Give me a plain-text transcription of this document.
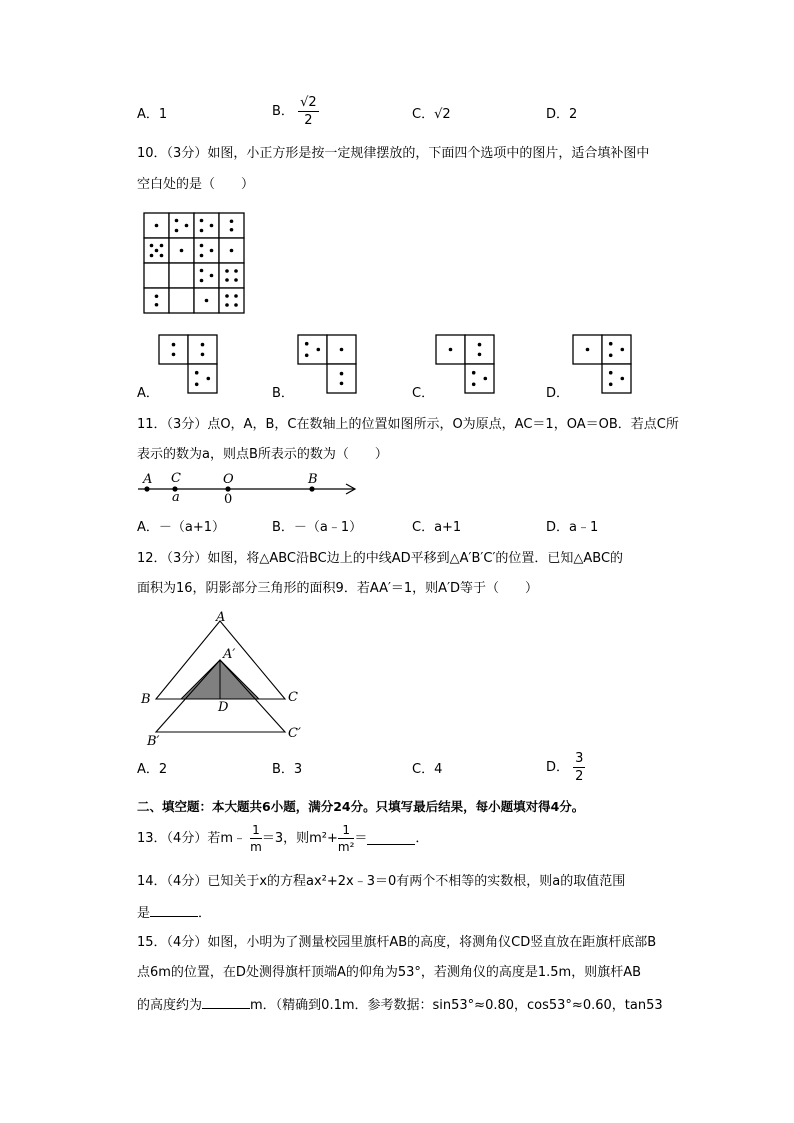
A．1	B． $\frac{√2}{2}$	C．√2	D．2
10．（3分）如图，小正方形是按一定规律摆放的，下面四个选项中的图片，适合填补图中
空白处的是（　　）
A．	B．	C．	D．
11．（3分）点O，A，B，C在数轴上的位置如图所示，O为原点，AC＝1，OA＝OB．若点C所
表示的数为a，则点B所表示的数为（　　）
A C	O	B
a	0
A．－（a+1）	B．－（a﹣1）	C．a+1	D．a﹣1
12．（3分）如图，将△ABC沿BC边上的中线AD平移到△A′B′C′的位置．已知△ABC的
面积为16，阴影部分三角形的面积9．若AA′＝1，则A′D等于（　　）
A
A′
B	C
D
B′
C′
A．2	B．3	C．4	D． $\frac{3}{2}$
二、填空题：本大题共6小题，满分24分。只填写最后结果，每小题填对得4分。
13．（4分）若m﹣ $\frac{1}{m} =3$，则$m^2+ \frac{1}{\text{m²}}$ ＝	．
14．（4分）已知关于x的方程ax²+2x﹣3＝0有两个不相等的实数根，则a的取值范围
是	．
15．（4分）如图，小明为了测量校园里旗杆AB的高度，将测角仪CD竖直放在距旗杆底部B
点6m的位置，在D处测得旗杆顶端A的仰角为53°，若测角仪的高度是1.5m，则旗杆AB
的高度约为	m．（精确到0.1m．参考数据：sin53°≈0.80，cos53°≈0.60，tan53
